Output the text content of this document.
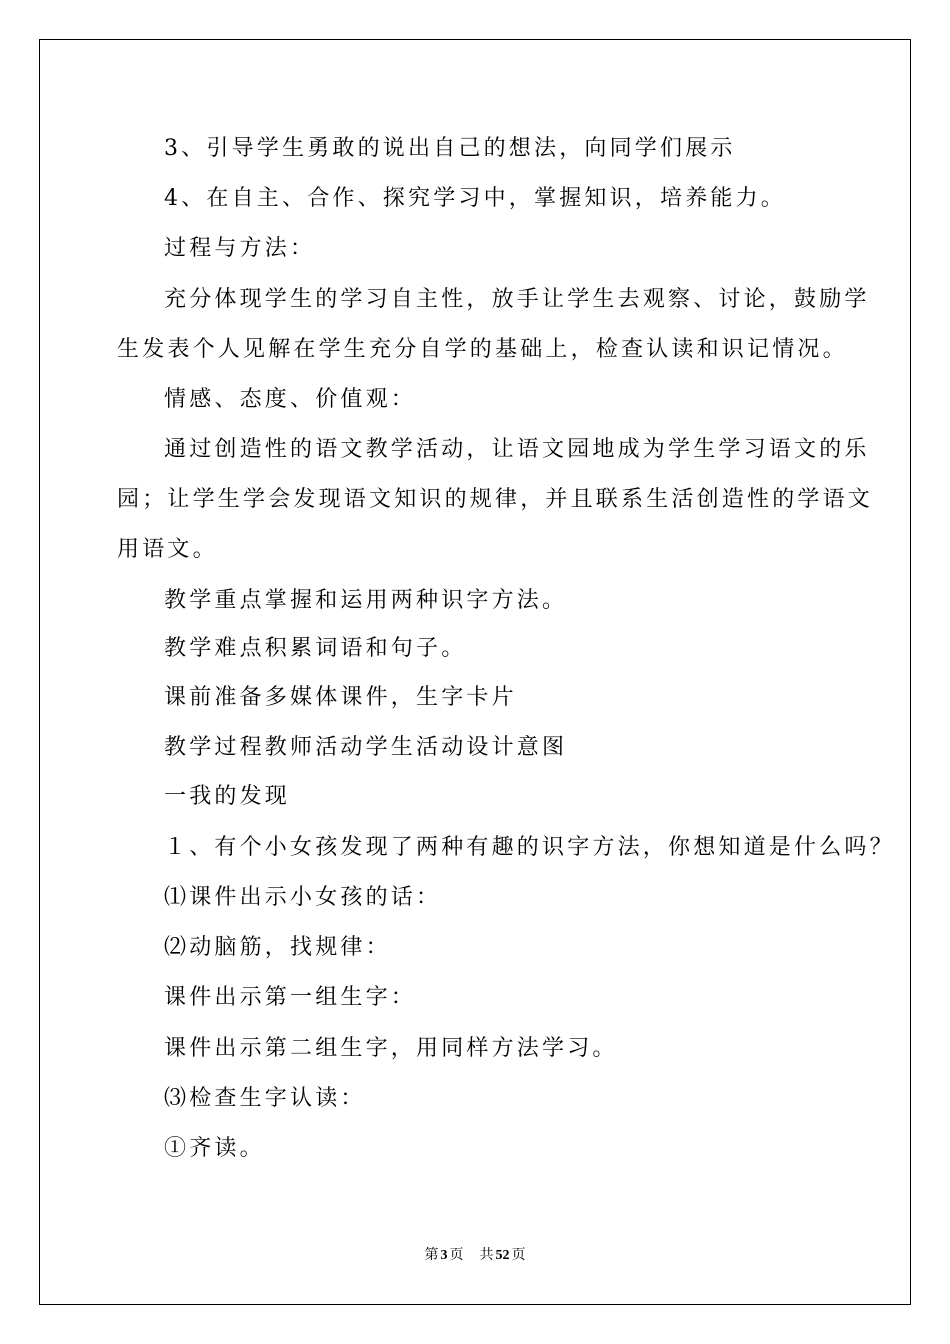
3、引导学生勇敢的说出自己的想法，向同学们展示
4、在自主、合作、探究学习中，掌握知识，培养能力。
过程与方法：
充分体现学生的学习自主性，放手让学生去观察、讨论，鼓励学
生发表个人见解在学生充分自学的基础上，检查认读和识记情况。
情感、态度、价值观：
通过创造性的语文教学活动，让语文园地成为学生学习语文的乐
园；让学生学会发现语文知识的规律，并且联系生活创造性的学语文
用语文。
教学重点掌握和运用两种识字方法。
教学难点积累词语和句子。
课前准备多媒体课件，生字卡片
教学过程教师活动学生活动设计意图
一我的发现
１、有个小女孩发现了两种有趣的识字方法，你想知道是什么吗？
⑴课件出示小女孩的话：
⑵动脑筋，找规律：
课件出示第一组生字：
课件出示第二组生字，用同样方法学习。
⑶检查生字认读：
①齐读。
第 3 页 共 52 页
